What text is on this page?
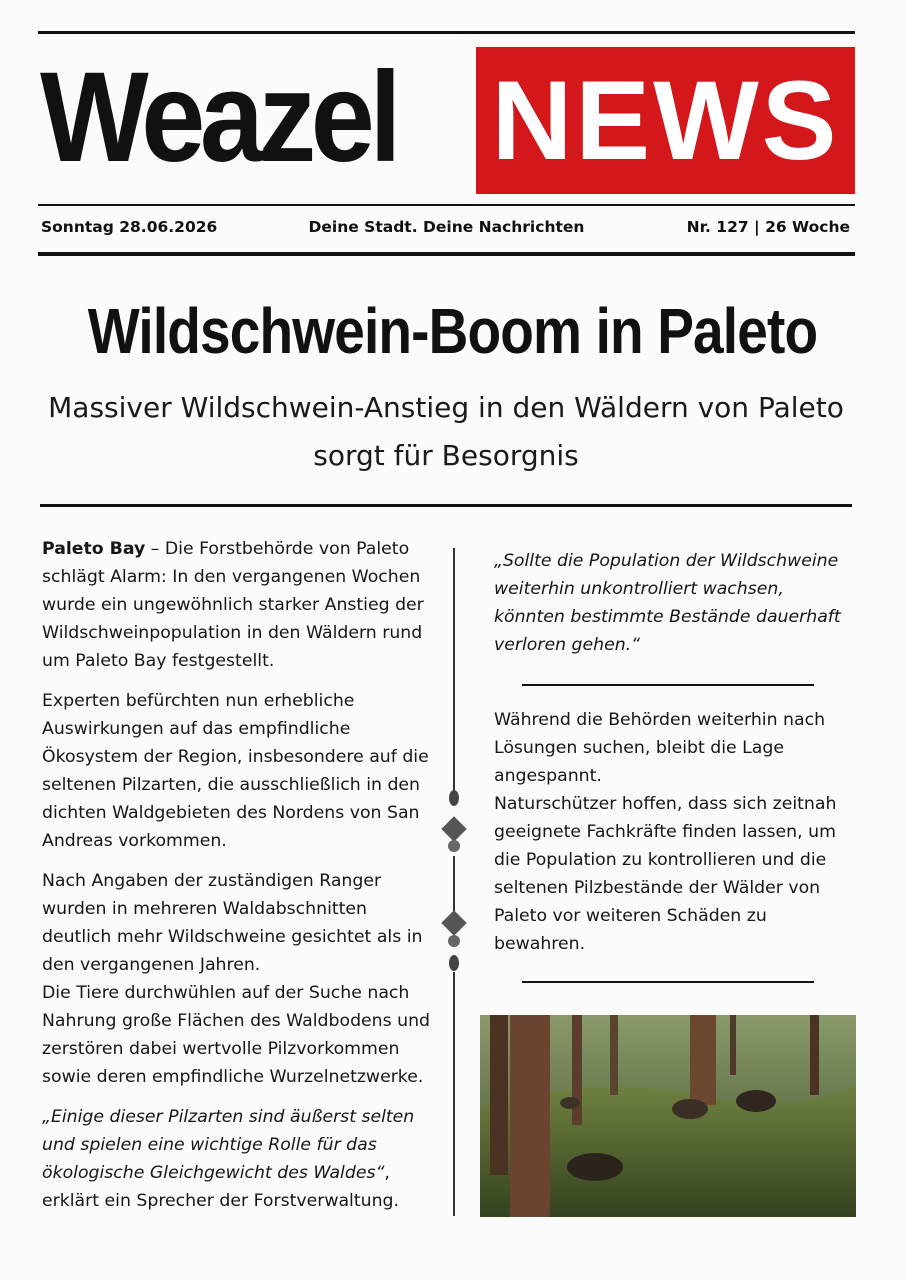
Weazel NEWS
Sonntag 28.06.2026	Deine Stadt. Deine Nachrichten	Nr. 127 | 26 Woche
Wildschwein-Boom in Paleto
Massiver Wildschwein-Anstieg in den Wäldern von Paleto sorgt für Besorgnis

Paleto Bay – Die Forstbehörde von Paleto schlägt Alarm: In den vergangenen Wochen wurde ein ungewöhnlich starker Anstieg der Wildschweinpopulation in den Wäldern rund um Paleto Bay festgestellt.

Experten befürchten nun erhebliche Auswirkungen auf das empfindliche Ökosystem der Region, insbesondere auf die seltenen Pilzarten, die ausschließlich in den dichten Waldgebieten des Nordens von San Andreas vorkommen.

Nach Angaben der zuständigen Ranger wurden in mehreren Waldabschnitten deutlich mehr Wildschweine gesichtet als in den vergangenen Jahren.

Die Tiere durchwühlen auf der Suche nach Nahrung große Flächen des Waldbodens und zerstören dabei wertvolle Pilzvorkommen sowie deren empfindliche Wurzelnetzwerke.

„Einige dieser Pilzarten sind äußerst selten und spielen eine wichtige Rolle für das ökologische Gleichgewicht des Waldes“, erklärt ein Sprecher der Forstverwaltung.

„Sollte die Population der Wildschweine weiterhin unkontrolliert wachsen, könnten bestimmte Bestände dauerhaft verloren gehen.“

Während die Behörden weiterhin nach Lösungen suchen, bleibt die Lage angespannt.

Naturschützer hoffen, dass sich zeitnah geeignete Fachkräfte finden lassen, um die Population zu kontrollieren und die seltenen Pilzbestände der Wälder von Paleto vor weiteren Schäden zu bewahren.
